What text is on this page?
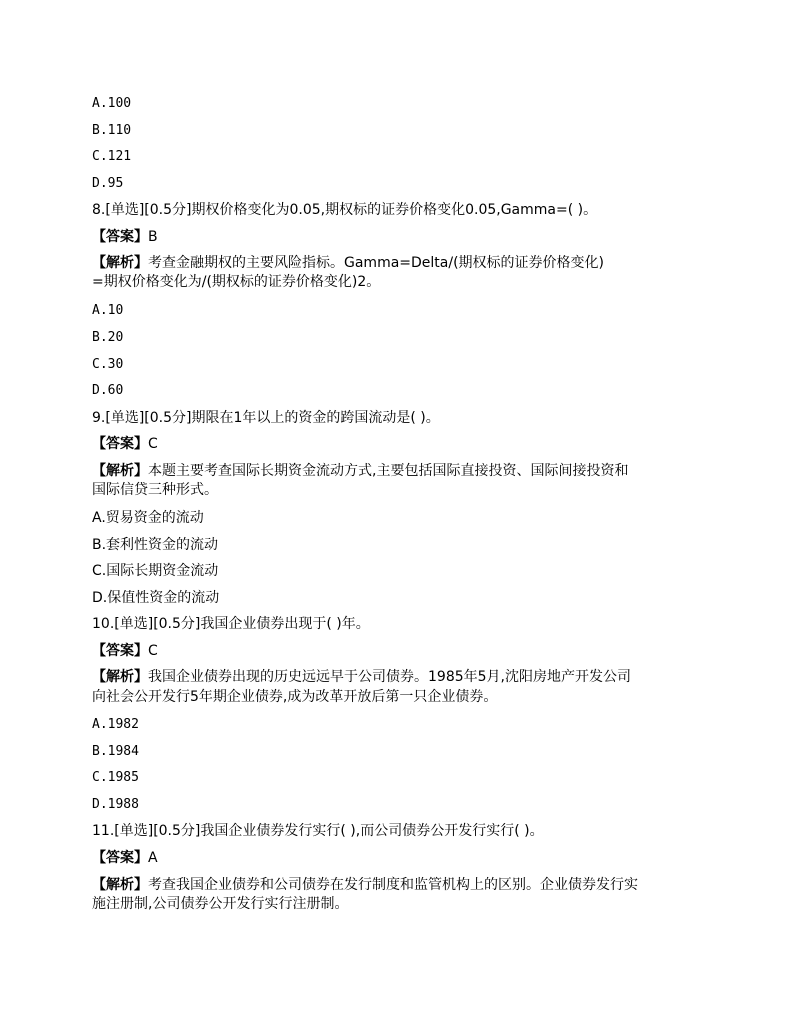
A.100
B.110
C.121
D.95
8.[单选][0.5分]期权价格变化为0.05,期权标的证券价格变化0.05,Gamma=( )。
【答案】B
【解析】考查金融期权的主要风险指标。Gamma=Delta/(期权标的证券价格变化)
=期权价格变化为/(期权标的证券价格变化)2。
A.10
B.20
C.30
D.60
9.[单选][0.5分]期限在1年以上的资金的跨国流动是( )。
【答案】C
【解析】本题主要考查国际长期资金流动方式,主要包括国际直接投资、国际间接投资和
国际信贷三种形式。
A.贸易资金的流动
B.套利性资金的流动
C.国际长期资金流动
D.保值性资金的流动
10.[单选][0.5分]我国企业债券出现于( )年。
【答案】C
【解析】我国企业债券出现的历史远远早于公司债券。1985年5月,沈阳房地产开发公司
向社会公开发行5年期企业债券,成为改革开放后第一只企业债券。
A.1982
B.1984
C.1985
D.1988
11.[单选][0.5分]我国企业债券发行实行( ),而公司债券公开发行实行( )。
【答案】A
【解析】考查我国企业债券和公司债券在发行制度和监管机构上的区别。企业债券发行实
施注册制,公司债券公开发行实行注册制。
